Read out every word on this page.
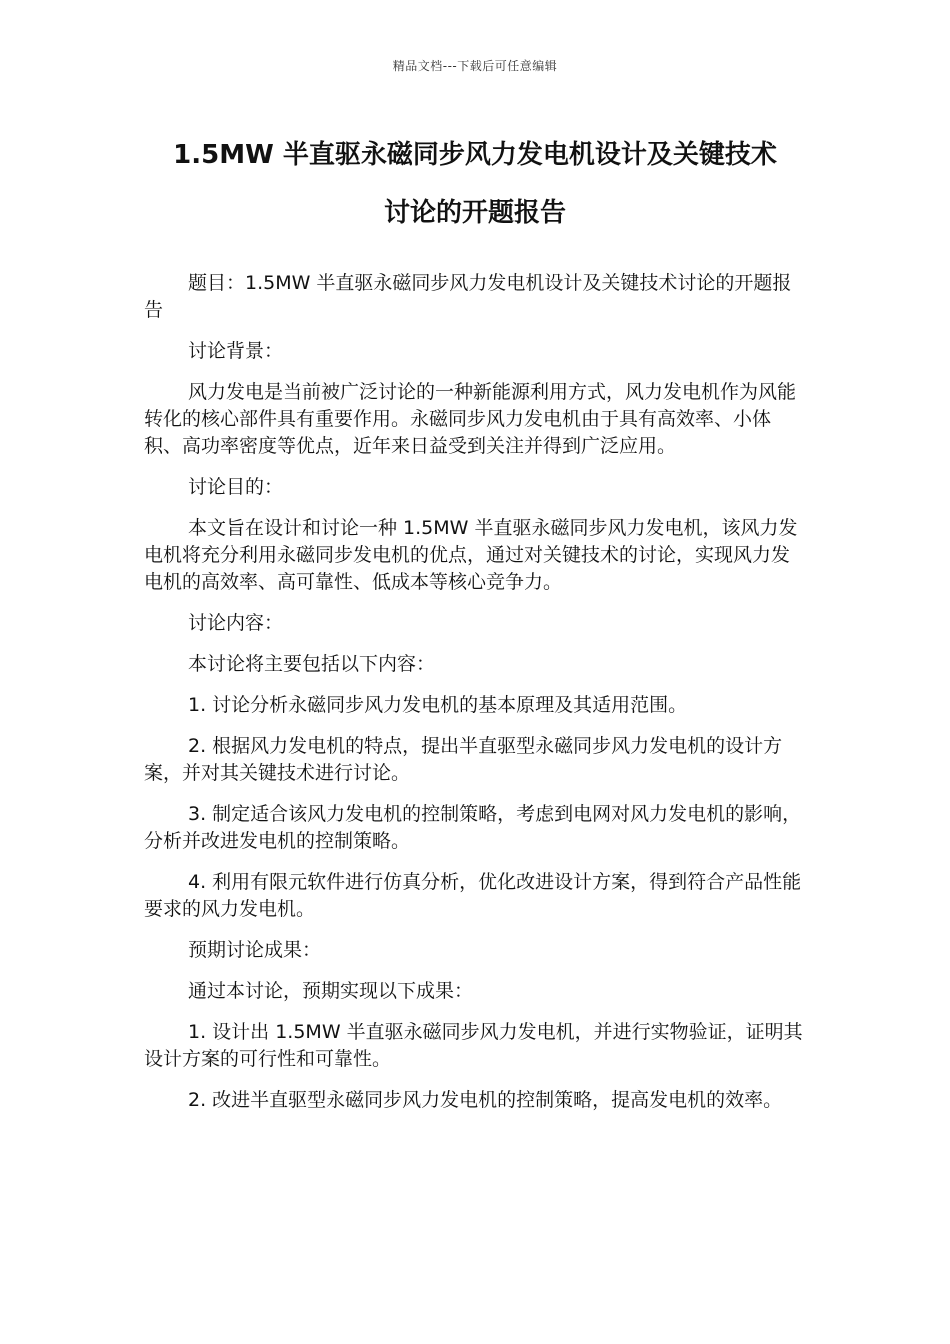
精品文档---下载后可任意编辑
1.5MW 半直驱永磁同步风力发电机设计及关键技术
讨论的开题报告

题目：1.5MW 半直驱永磁同步风力发电机设计及关键技术讨论的开题报告

讨论背景：

风力发电是当前被广泛讨论的一种新能源利用方式，风力发电机作为风能转化的核心部件具有重要作用。永磁同步风力发电机由于具有高效率、小体积、高功率密度等优点，近年来日益受到关注并得到广泛应用。

讨论目的：

本文旨在设计和讨论一种 1.5MW 半直驱永磁同步风力发电机，该风力发电机将充分利用永磁同步发电机的优点，通过对关键技术的讨论，实现风力发电机的高效率、高可靠性、低成本等核心竞争力。

讨论内容：

本讨论将主要包括以下内容：

1. 讨论分析永磁同步风力发电机的基本原理及其适用范围。

2. 根据风力发电机的特点，提出半直驱型永磁同步风力发电机的设计方案，并对其关键技术进行讨论。

3. 制定适合该风力发电机的控制策略，考虑到电网对风力发电机的影响，分析并改进发电机的控制策略。

4. 利用有限元软件进行仿真分析，优化改进设计方案，得到符合产品性能要求的风力发电机。

预期讨论成果：

通过本讨论，预期实现以下成果：

1. 设计出 1.5MW 半直驱永磁同步风力发电机，并进行实物验证，证明其设计方案的可行性和可靠性。

2. 改进半直驱型永磁同步风力发电机的控制策略，提高发电机的效率。
